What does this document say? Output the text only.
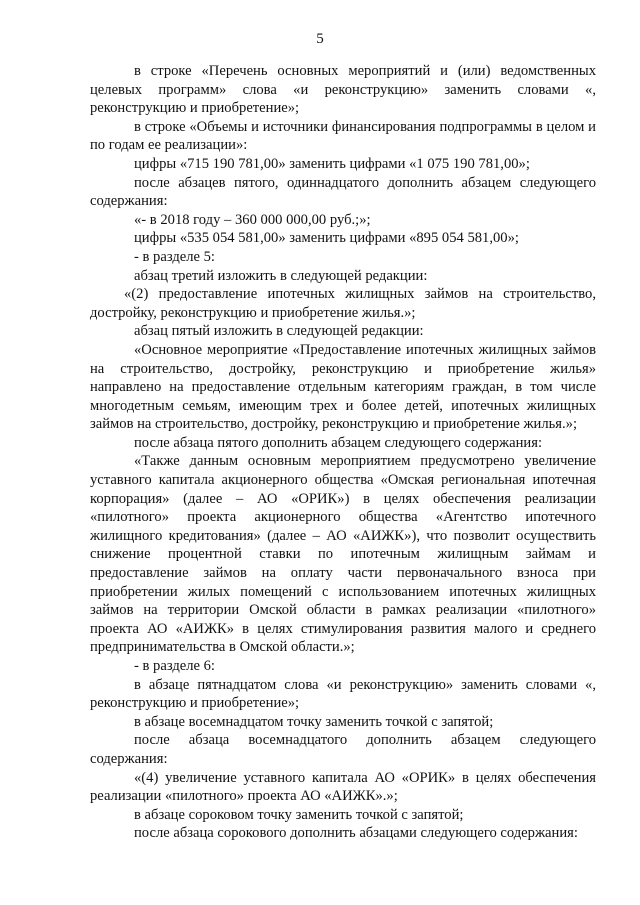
5

в строке «Перечень основных мероприятий и (или) ведомственных целевых программ» слова «и реконструкцию» заменить словами «, реконструкцию и приобретение»;

в строке «Объемы и источники финансирования подпрограммы в целом и по годам ее реализации»:

цифры «715 190 781,00» заменить цифрами «1 075 190 781,00»;

после абзацев пятого, одиннадцатого дополнить абзацем следующего содержания:

«- в 2018 году – 360 000 000,00 руб.;»;

цифры «535 054 581,00» заменить цифрами «895 054 581,00»;

- в разделе 5:

абзац третий изложить в следующей редакции:

«(2) предоставление ипотечных жилищных займов на строительство, достройку, реконструкцию и приобретение жилья.»;

абзац пятый изложить в следующей редакции:

«Основное мероприятие «Предоставление ипотечных жилищных займов на строительство, достройку, реконструкцию и приобретение жилья» направлено на предоставление отдельным категориям граждан, в том числе многодетным семьям, имеющим трех и более детей, ипотечных жилищных займов на строительство, достройку, реконструкцию и приобретение жилья.»;

после абзаца пятого дополнить абзацем следующего содержания:

«Также данным основным мероприятием предусмотрено увеличение уставного капитала акционерного общества «Омская региональная ипотечная корпорация» (далее – АО «ОРИК») в целях обеспечения реализации «пилотного» проекта акционерного общества «Агентство ипотечного жилищного кредитования» (далее – АО «АИЖК»), что позволит осуществить снижение процентной ставки по ипотечным жилищным займам и предоставление займов на оплату части первоначального взноса при приобретении жилых помещений с использованием ипотечных жилищных займов на территории Омской области в рамках реализации «пилотного» проекта АО «АИЖК» в целях стимулирования развития малого и среднего предпринимательства в Омской области.»;

- в разделе 6:

в абзаце пятнадцатом слова «и реконструкцию» заменить словами «, реконструкцию и приобретение»;

в абзаце восемнадцатом точку заменить точкой с запятой;

после абзаца восемнадцатого дополнить абзацем следующего содержания:

«(4) увеличение уставного капитала АО «ОРИК» в целях обеспечения реализации «пилотного» проекта АО «АИЖК».»;

в абзаце сороковом точку заменить точкой с запятой;

после абзаца сорокового дополнить абзацами следующего содержания:
